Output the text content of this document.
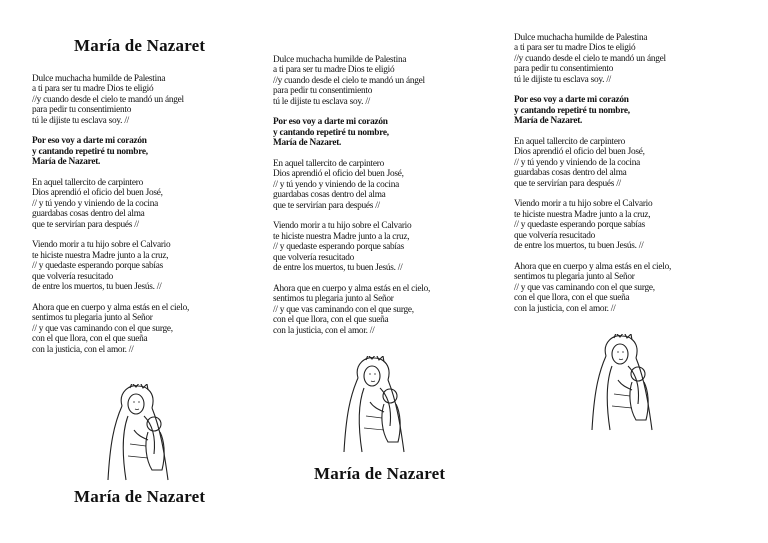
María de Nazaret

Dulce muchacha humilde de Palestina
a ti para ser tu madre Dios te eligió
//y cuando desde el cielo te mandó un ángel
para pedir tu consentimiento
tú le dijiste tu esclava soy. //

Por eso voy a darte mi corazón
y cantando repetiré tu nombre,
María de Nazaret.

En aquel tallercito de carpintero
Dios aprendió el oficio del buen José,
// y tú yendo y viniendo de la cocina
guardabas cosas dentro del alma
que te servirían para después //

Viendo morir a tu hijo sobre el Calvario
te hiciste nuestra Madre junto a la cruz,
// y quedaste esperando porque sabías
que volvería resucitado
de entre los muertos, tu buen Jesús. //

Ahora que en cuerpo y alma estás en el cielo,
sentimos tu plegaria junto al Señor
// y que vas caminando con el que surge,
con el que llora, con el que sueña
con la justicia, con el amor. //

María de Nazaret

Dulce muchacha humilde de Palestina
a ti para ser tu madre Dios te eligió
//y cuando desde el cielo te mandó un ángel
para pedir tu consentimiento
tú le dijiste tu esclava soy. //

Por eso voy a darte mi corazón
y cantando repetiré tu nombre,
María de Nazaret.

En aquel tallercito de carpintero
Dios aprendió el oficio del buen José,
// y tú yendo y viniendo de la cocina
guardabas cosas dentro del alma
que te servirían para después //

Viendo morir a tu hijo sobre el Calvario
te hiciste nuestra Madre junto a la cruz,
// y quedaste esperando porque sabías
que volvería resucitado
de entre los muertos, tu buen Jesús. //

Ahora que en cuerpo y alma estás en el cielo,
sentimos tu plegaria junto al Señor
// y que vas caminando con el que surge,
con el que llora, con el que sueña
con la justicia, con el amor. //

María de Nazaret

Dulce muchacha humilde de Palestina
a ti para ser tu madre Dios te eligió
//y cuando desde el cielo te mandó un ángel
para pedir tu consentimiento
tú le dijiste tu esclava soy. //

Por eso voy a darte mi corazón
y cantando repetiré tu nombre,
María de Nazaret.

En aquel tallercito de carpintero
Dios aprendió el oficio del buen José,
// y tú yendo y viniendo de la cocina
guardabas cosas dentro del alma
que te servirían para después //

Viendo morir a tu hijo sobre el Calvario
te hiciste nuestra Madre junto a la cruz,
// y quedaste esperando porque sabías
que volvería resucitado
de entre los muertos, tu buen Jesús. //

Ahora que en cuerpo y alma estás en el cielo,
sentimos tu plegaria junto al Señor
// y que vas caminando con el que surge,
con el que llora, con el que sueña
con la justicia, con el amor. //
